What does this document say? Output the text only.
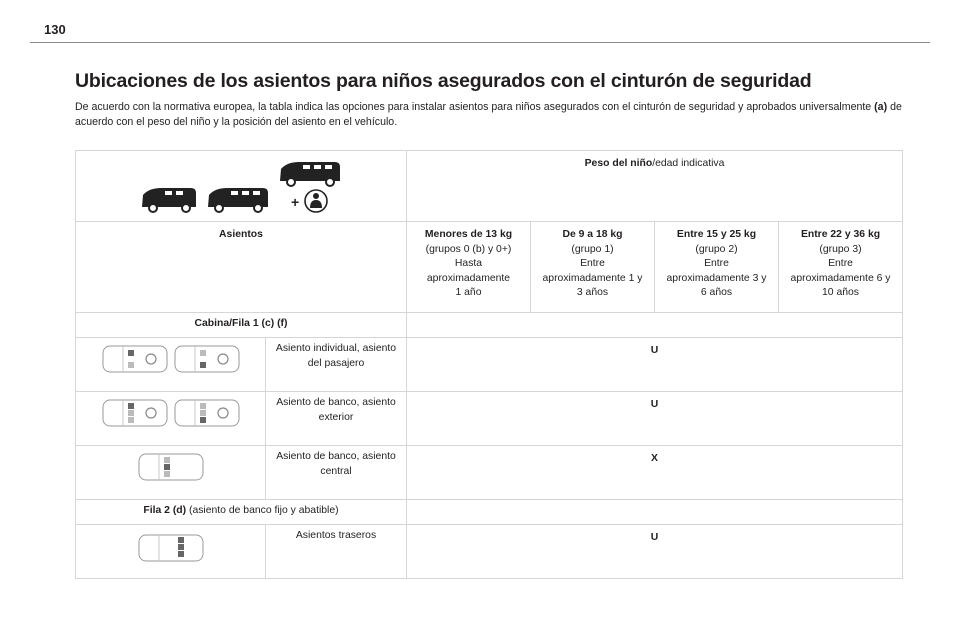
130
Ubicaciones de los asientos para niños asegurados con el cinturón de seguridad

De acuerdo con la normativa europea, la tabla indica las opciones para instalar asientos para niños asegurados con el cinturón de seguridad y aprobados universalmente (a) de acuerdo con el peso del niño y la posición del asiento en el vehículo.

+		Peso del niño/edad indicativa			
Asientos		Menores de 13 kg
(grupos 0 (b) y 0+)
Hasta
aproximadamente
1 año	De 9 a 18 kg
(grupo 1)
Entre
aproximadamente 1 y
3 años	Entre 15 y 25 kg
(grupo 2)
Entre
aproximadamente 3 y
6 años	Entre 22 y 36 kg
(grupo 3)
Entre
aproximadamente 6 y
10 años
Cabina/Fila 1 (c) (f)					

	Asiento individual, asiento del pasajero	U			

	Asiento de banco, asiento exterior	U			

	Asiento de banco, asiento central	X			
Fila 2 (d) (asiento de banco fijo y abatible)					

	Asientos traseros	U			
